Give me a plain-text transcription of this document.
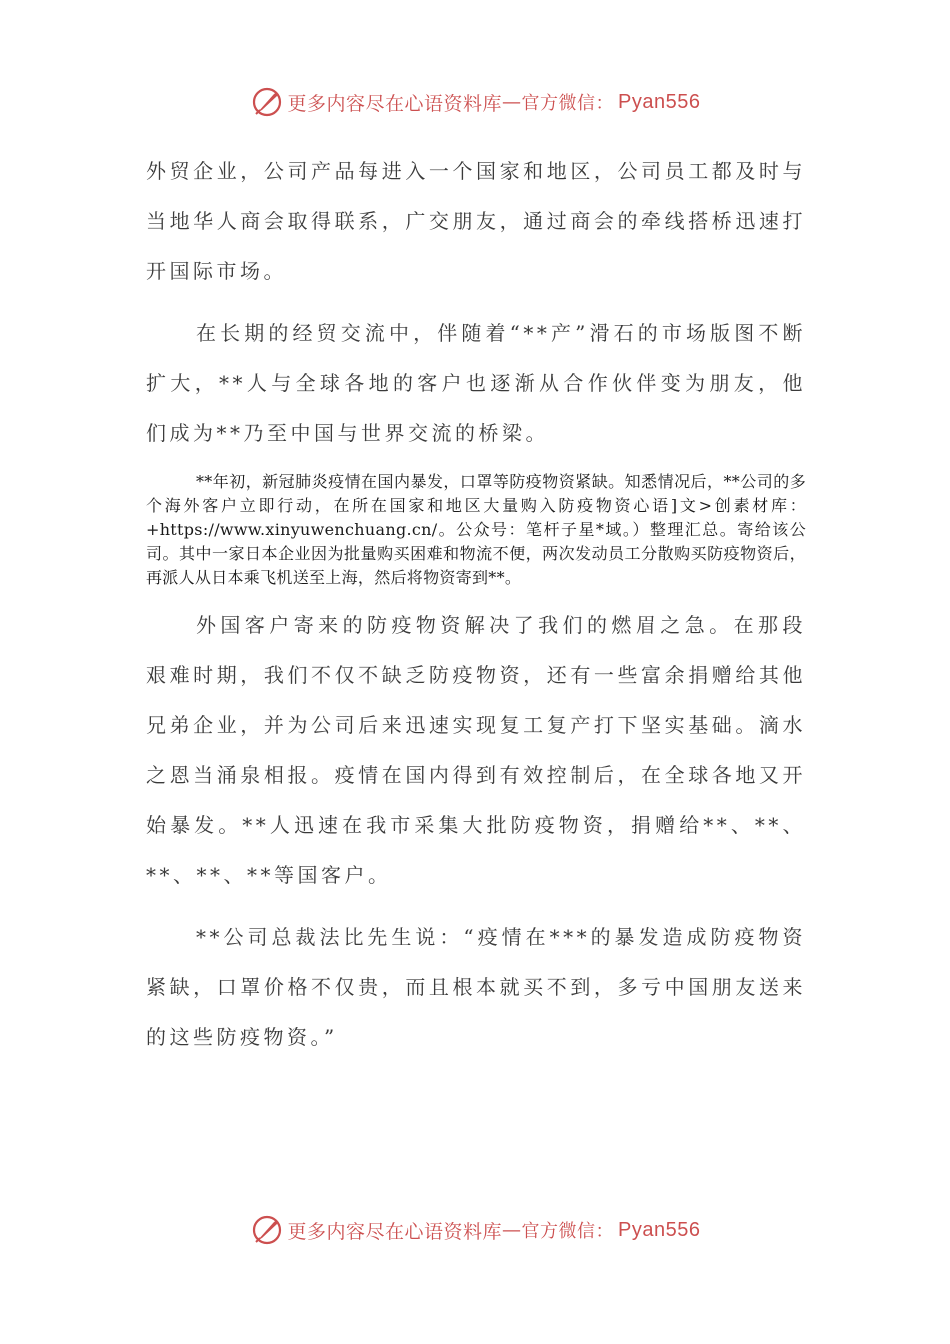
更多内容尽在心语资料库 — 官方微信： Pyan556

外贸企业，公司产品每进入一个国家和地区，公司员工都及时与当地华人商会取得联系，广交朋友，通过商会的牵线搭桥迅速打开国际市场。

在长期的经贸交流中，伴随着“**产”滑石的市场版图不断扩大，**人与全球各地的客户也逐渐从合作伙伴变为朋友，他们成为**乃至中国与世界交流的桥梁。

**年初，新冠肺炎疫情在国内暴发，口罩等防疫物资紧缺。知悉情况后，**公司的多个海外客户立即行动，在所在国家和地区大量购入防疫物资心语]文>创素材库：+https://www.xinyuwenchuang.cn/。公众号：笔杆子星*域。）整理汇总。寄给该公司。其中一家日本企业因为批量购买困难和物流不便，两次发动员工分散购买防疫物资后，再派人从日本乘飞机送至上海，然后将物资寄到**。

外国客户寄来的防疫物资解决了我们的燃眉之急。在那段艰难时期，我们不仅不缺乏防疫物资，还有一些富余捐赠给其他兄弟企业，并为公司后来迅速实现复工复产打下坚实基础。滴水之恩当涌泉相报。疫情在国内得到有效控制后，在全球各地又开始暴发。**人迅速在我市采集大批防疫物资，捐赠给**、**、**、**、**等国客户。

**公司总裁法比先生说：“疫情在***的暴发造成防疫物资紧缺，口罩价格不仅贵，而且根本就买不到，多亏中国朋友送来的这些防疫物资。”

更多内容尽在心语资料库 — 官方微信： Pyan556
